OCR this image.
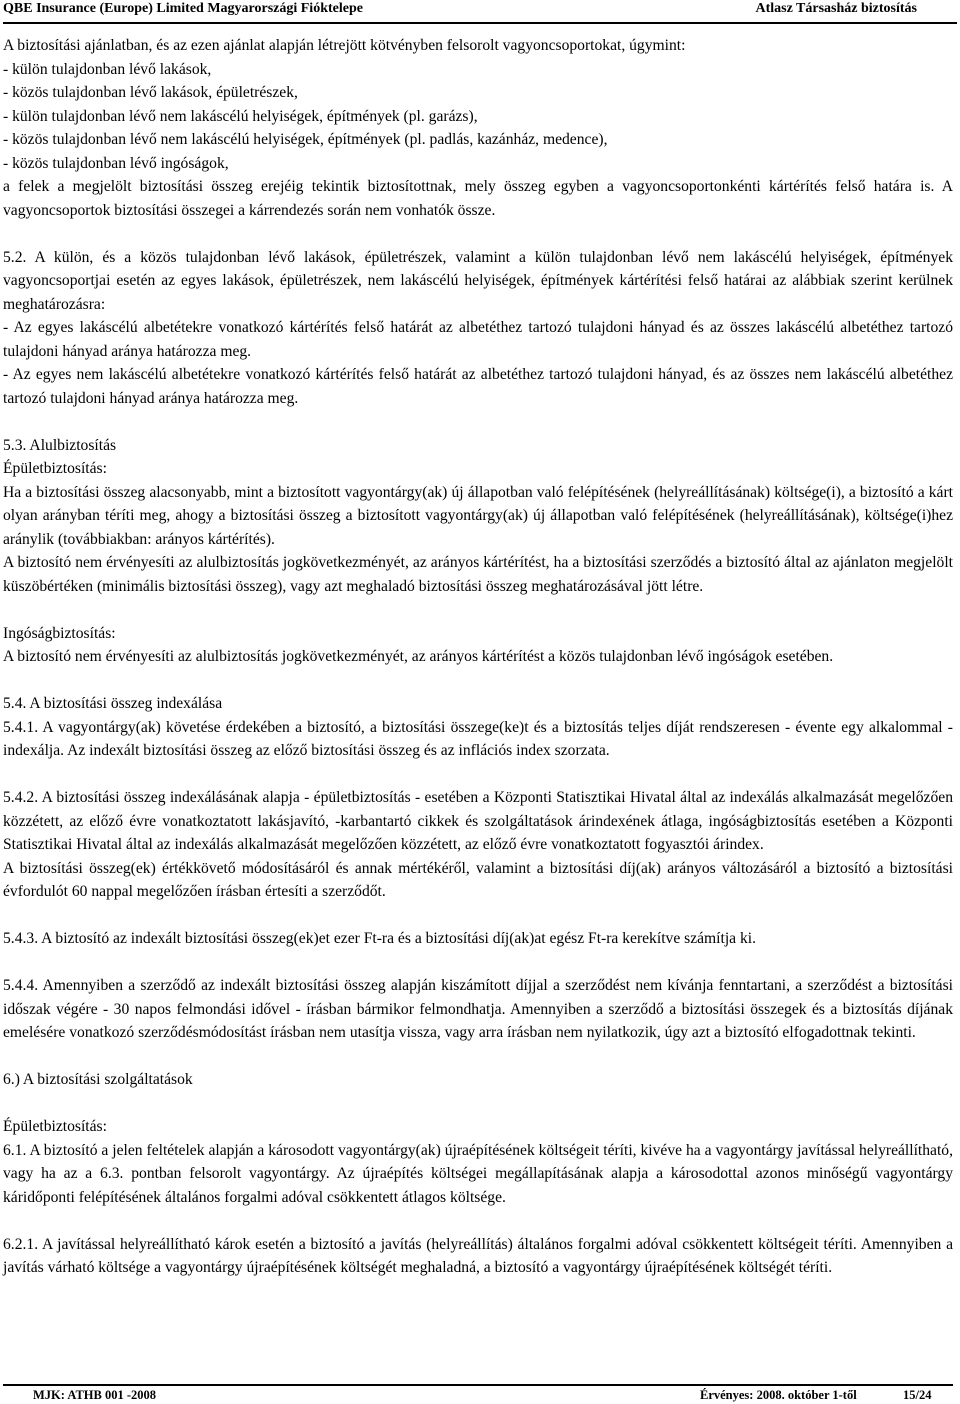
QBE Insurance (Europe) Limited Magyarországi Fióktelepe	Atlasz Társasház biztosítás

A biztosítási ajánlatban, és az ezen ajánlat alapján létrejött kötvényben felsorolt vagyoncsoportokat, úgymint:

- külön tulajdonban lévő lakások,

- közös tulajdonban lévő lakások, épületrészek,

- külön tulajdonban lévő nem lakáscélú helyiségek, építmények (pl. garázs),

- közös tulajdonban lévő nem lakáscélú helyiségek, építmények (pl. padlás, kazánház, medence),

- közös tulajdonban lévő ingóságok,

a felek a megjelölt biztosítási összeg erejéig tekintik biztosítottnak, mely összeg egyben a vagyoncsoportonkénti kártérítés felső határa is. A vagyoncsoportok biztosítási összegei a kárrendezés során nem vonhatók össze.

5.2. A külön, és a közös tulajdonban lévő lakások, épületrészek, valamint a külön tulajdonban lévő nem lakáscélú helyiségek, építmények vagyoncsoportjai esetén az egyes lakások, épületrészek, nem lakáscélú helyiségek, építmények kártérítési felső határai az alábbiak szerint kerülnek meghatározásra:

- Az egyes lakáscélú albetétekre vonatkozó kártérítés felső határát az albetéthez tartozó tulajdoni hányad és az összes lakáscélú albetéthez tartozó tulajdoni hányad aránya határozza meg.

- Az egyes nem lakáscélú albetétekre vonatkozó kártérítés felső határát az albetéthez tartozó tulajdoni hányad, és az összes nem lakáscélú albetéthez tartozó tulajdoni hányad aránya határozza meg.

5.3. Alulbiztosítás

Épületbiztosítás:

Ha a biztosítási összeg alacsonyabb, mint a biztosított vagyontárgy(ak) új állapotban való felépítésének (helyreállításának) költsége(i), a biztosító a kárt olyan arányban téríti meg, ahogy a biztosítási összeg a biztosított vagyontárgy(ak) új állapotban való felépítésének (helyreállításának), költsége(i)hez aránylik (továbbiakban: arányos kártérítés).

A biztosító nem érvényesíti az alulbiztosítás jogkövetkezményét, az arányos kártérítést, ha a biztosítási szerződés a biztosító által az ajánlaton megjelölt küszöbértéken (minimális biztosítási összeg), vagy azt meghaladó biztosítási összeg meghatározásával jött létre.

Ingóságbiztosítás:

A biztosító nem érvényesíti az alulbiztosítás jogkövetkezményét, az arányos kártérítést a közös tulajdonban lévő ingóságok esetében.

5.4. A biztosítási összeg indexálása

5.4.1. A vagyontárgy(ak) követése érdekében a biztosító, a biztosítási összege(ke)t és a biztosítás teljes díját rendszeresen - évente egy alkalommal - indexálja. Az indexált biztosítási összeg az előző biztosítási összeg és az inflációs index szorzata.

5.4.2. A biztosítási összeg indexálásának alapja - épületbiztosítás - esetében a Központi Statisztikai Hivatal által az indexálás alkalmazását megelőzően közzétett, az előző évre vonatkoztatott lakásjavító, -karbantartó cikkek és szolgáltatások árindexének átlaga, ingóságbiztosítás esetében a Központi Statisztikai Hivatal által az indexálás alkalmazását megelőzően közzétett, az előző évre vonatkoztatott fogyasztói árindex.

A biztosítási összeg(ek) értékkövető módosításáról és annak mértékéről, valamint a biztosítási díj(ak) arányos változásáról a biztosító a biztosítási évfordulót 60 nappal megelőzően írásban értesíti a szerződőt.

5.4.3. A biztosító az indexált biztosítási összeg(ek)et ezer Ft-ra és a biztosítási díj(ak)at egész Ft-ra kerekítve számítja ki.

5.4.4. Amennyiben a szerződő az indexált biztosítási összeg alapján kiszámított díjjal a szerződést nem kívánja fenntartani, a szerződést a biztosítási időszak végére - 30 napos felmondási idővel - írásban bármikor felmondhatja. Amennyiben a szerződő a biztosítási összegek és a biztosítás díjának emelésére vonatkozó szerződésmódosítást írásban nem utasítja vissza, vagy arra írásban nem nyilatkozik, úgy azt a biztosító elfogadottnak tekinti.

6.) A biztosítási szolgáltatások

Épületbiztosítás:

6.1. A biztosító a jelen feltételek alapján a károsodott vagyontárgy(ak) újraépítésének költségeit téríti, kivéve ha a vagyontárgy javítással helyreállítható, vagy ha az a 6.3. pontban felsorolt vagyontárgy. Az újraépítés költségei megállapításának alapja a károsodottal azonos minőségű vagyontárgy káridőponti felépítésének általános forgalmi adóval csökkentett átlagos költsége.

6.2.1. A javítással helyreállítható károk esetén a biztosító a javítás (helyreállítás) általános forgalmi adóval csökkentett költségeit téríti. Amennyiben a javítás várható költsége a vagyontárgy újraépítésének költségét meghaladná, a biztosító a vagyontárgy újraépítésének költségét téríti.

MJK: ATHB 001 -2008	Érvényes: 2008. október 1-től	15/24
